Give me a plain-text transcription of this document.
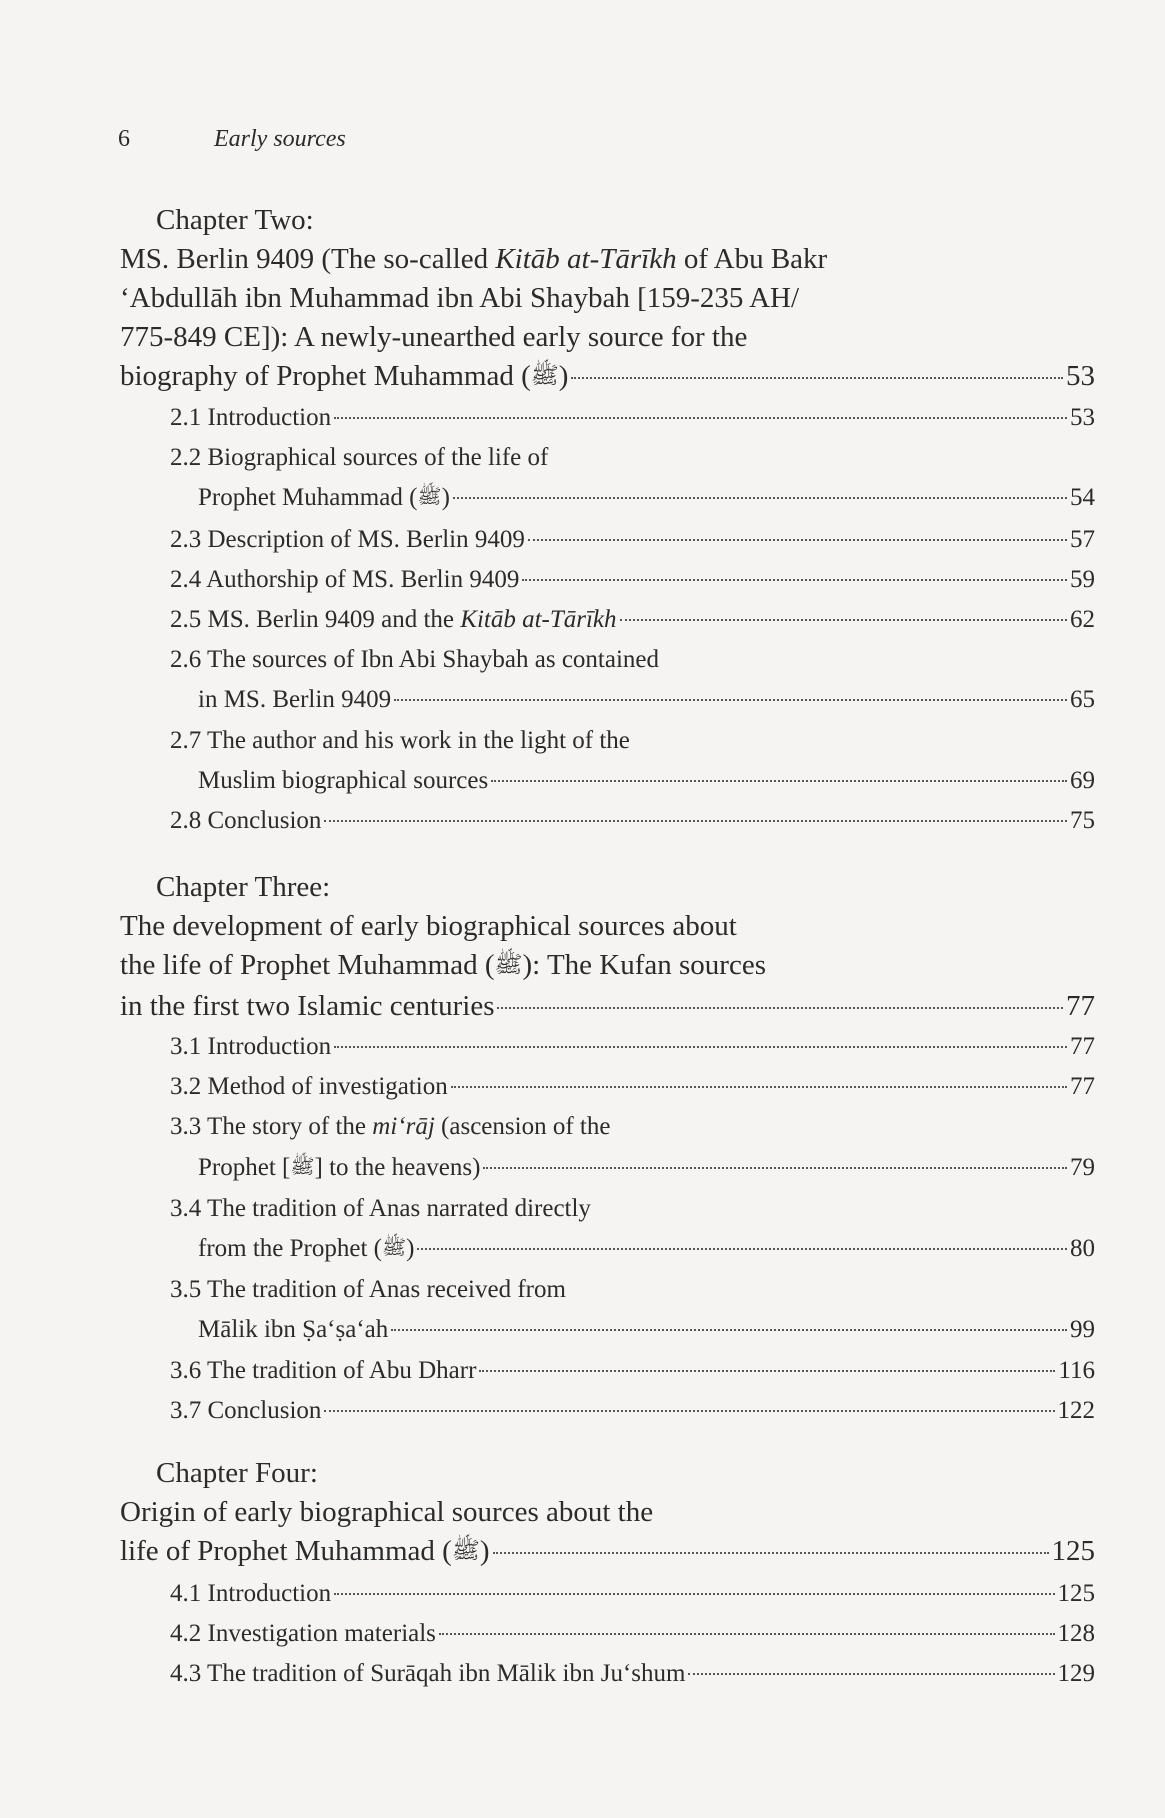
6	Early sources
Chapter Two:
MS. Berlin 9409 (The so-called Kitāb at-Tārīkh of Abu Bakr
ʻAbdullāh ibn Muhammad ibn Abi Shaybah [159-235 AH/
775-849 CE]): A newly-unearthed early source for the
biography of Prophet Muhammad (ﷺ)	53
2.1 Introduction	53
2.2 Biographical sources of the life of
Prophet Muhammad (ﷺ)	54
2.3 Description of MS. Berlin 9409	57
2.4 Authorship of MS. Berlin 9409	59
2.5 MS. Berlin 9409 and the Kitāb at-Tārīkh	62
2.6 The sources of Ibn Abi Shaybah as contained
in MS. Berlin 9409	65
2.7 The author and his work in the light of the
Muslim biographical sources	69
2.8 Conclusion	75
Chapter Three:
The development of early biographical sources about
the life of Prophet Muhammad (ﷺ): The Kufan sources
in the first two Islamic centuries	77
3.1 Introduction	77
3.2 Method of investigation	77
3.3 The story of the mi‘rāj (ascension of the
Prophet [ﷺ] to the heavens)	79
3.4 The tradition of Anas narrated directly
from the Prophet (ﷺ)	80
3.5 The tradition of Anas received from
Mālik ibn Ṣa‘ṣa‘ah	99
3.6 The tradition of Abu Dharr	116
3.7 Conclusion	122
Chapter Four:
Origin of early biographical sources about the
life of Prophet Muhammad (ﷺ)	125
4.1 Introduction	125
4.2 Investigation materials	128
4.3 The tradition of Surāqah ibn Mālik ibn Ju‘shum	129
